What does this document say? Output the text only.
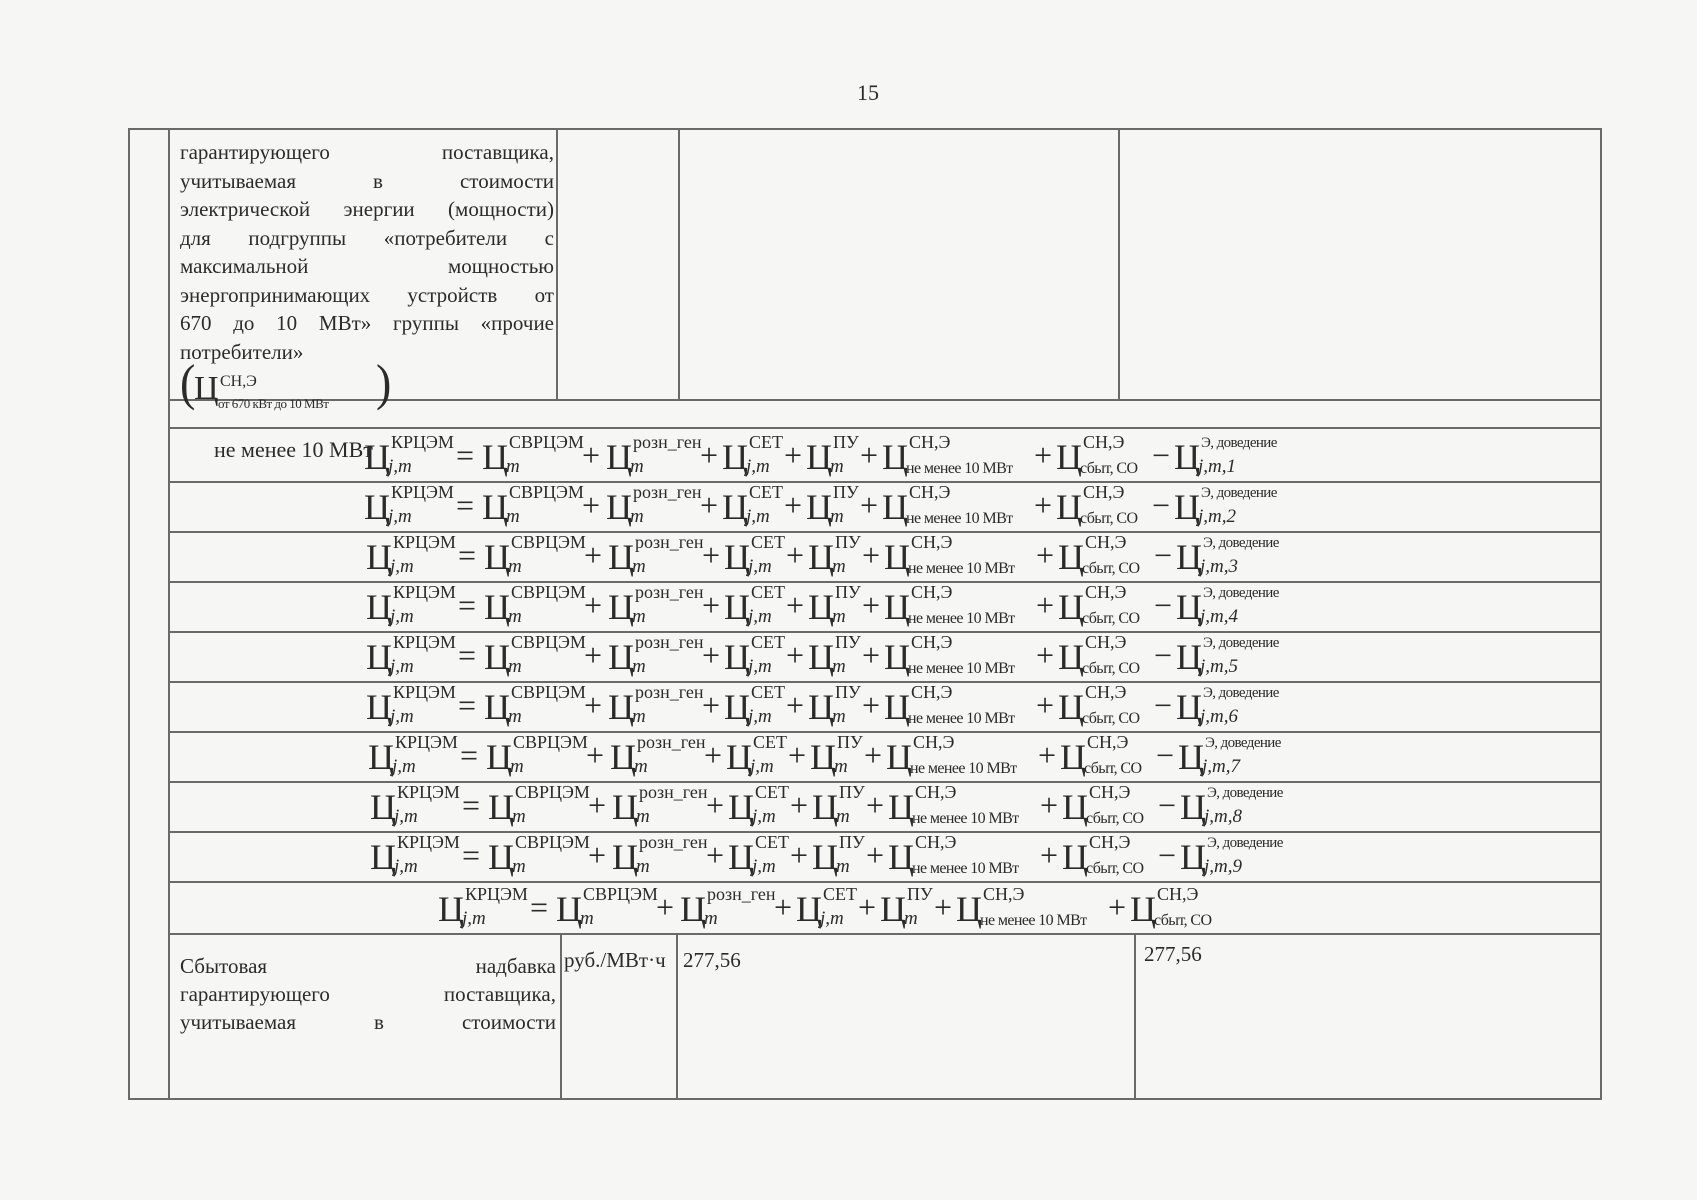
15
гарантирующего поставщика,
учитываемая в стоимости
электрической энергии (мощности)
для подгруппы «потребители с
максимальной мощностью
энергопринимающих устройств от
670 до 10 МВт» группы «прочие
потребители»
(
Ц СН,Э
от 670 кВт до 10 МВт )
не менее 10 МВт
Ц КРЦЭМ
j,m = Ц СВРЦЭМ
m + Ц розн_ген
m + Ц СЕТ
j,m + Ц ПУ
m + Ц СН,Э
не менее 10 МВт + Ц СН,Э
сбыт, СО − Ц Э, доведение
j,m,1
Ц КРЦЭМ
j,m = Ц СВРЦЭМ
m + Ц розн_ген
m + Ц СЕТ
j,m + Ц ПУ
m + Ц СН,Э
не менее 10 МВт + Ц СН,Э
сбыт, СО − Ц Э, доведение
j,m,2
Ц КРЦЭМ
j,m = Ц СВРЦЭМ
m + Ц розн_ген
m + Ц СЕТ
j,m + Ц ПУ
m + Ц СН,Э
не менее 10 МВт + Ц СН,Э
сбыт, СО − Ц Э, доведение
j,m,3
Ц КРЦЭМ
j,m = Ц СВРЦЭМ
m + Ц розн_ген
m + Ц СЕТ
j,m + Ц ПУ
m + Ц СН,Э
не менее 10 МВт + Ц СН,Э
сбыт, СО − Ц Э, доведение
j,m,4
Ц КРЦЭМ
j,m = Ц СВРЦЭМ
m + Ц розн_ген
m + Ц СЕТ
j,m + Ц ПУ
m + Ц СН,Э
не менее 10 МВт + Ц СН,Э
сбыт, СО − Ц Э, доведение
j,m,5
Ц КРЦЭМ
j,m = Ц СВРЦЭМ
m + Ц розн_ген
m + Ц СЕТ
j,m + Ц ПУ
m + Ц СН,Э
не менее 10 МВт + Ц СН,Э
сбыт, СО − Ц Э, доведение
j,m,6
Ц КРЦЭМ
j,m = Ц СВРЦЭМ
m + Ц розн_ген
m + Ц СЕТ
j,m + Ц ПУ
m + Ц СН,Э
не менее 10 МВт + Ц СН,Э
сбыт, СО − Ц Э, доведение
j,m,7
Ц КРЦЭМ
j,m = Ц СВРЦЭМ
m + Ц розн_ген
m + Ц СЕТ
j,m + Ц ПУ
m + Ц СН,Э
не менее 10 МВт + Ц СН,Э
сбыт, СО − Ц Э, доведение
j,m,8
Ц КРЦЭМ
j,m = Ц СВРЦЭМ
m + Ц розн_ген
m + Ц СЕТ
j,m + Ц ПУ
m + Ц СН,Э
не менее 10 МВт + Ц СН,Э
сбыт, СО − Ц Э, доведение
j,m,9
Ц КРЦЭМ
j,m = Ц СВРЦЭМ
m + Ц розн_ген
m + Ц СЕТ
j,m + Ц ПУ
m + Ц СН,Э
не менее 10 МВт + Ц СН,Э
сбыт, СО
Сбытовая надбавка
гарантирующего поставщика,
учитываемая в стоимости
руб./МВт·ч 277,56	277,56
